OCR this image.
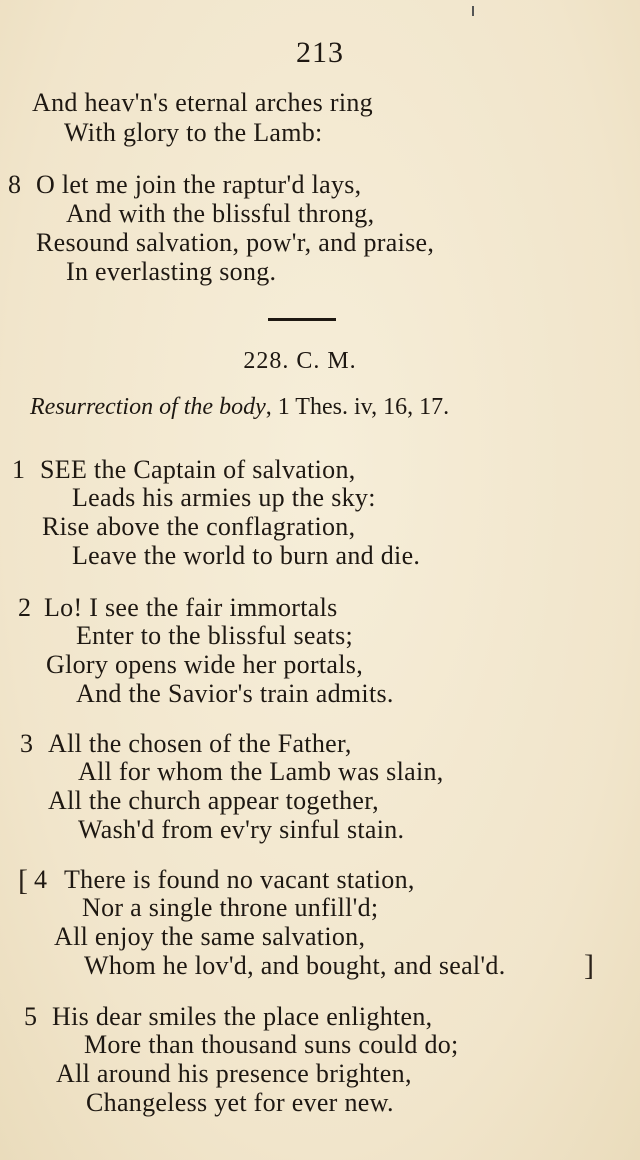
213
And heav'n's eternal arches ring
With glory to the Lamb:
8 O let me join the raptur'd lays,
And with the blissful throng,
Resound salvation, pow'r, and praise,
In everlasting song.
228. C. M.
Resurrection of the body, 1 Thes. iv, 16, 17.
1 SEE the Captain of salvation,
Leads his armies up the sky:
Rise above the conflagration,
Leave the world to burn and die.
2 Lo! I see the fair immortals
Enter to the blissful seats;
Glory opens wide her portals,
And the Savior's train admits.
3 All the chosen of the Father,
All for whom the Lamb was slain,
All the church appear together,
Wash'd from ev'ry sinful stain.
[ 4 There is found no vacant station,
Nor a single throne unfill'd;
All enjoy the same salvation,
Whom he lov'd, and bought, and seal'd.	]
5 His dear smiles the place enlighten,
More than thousand suns could do;
All around his presence brighten,
Changeless yet for ever new.
